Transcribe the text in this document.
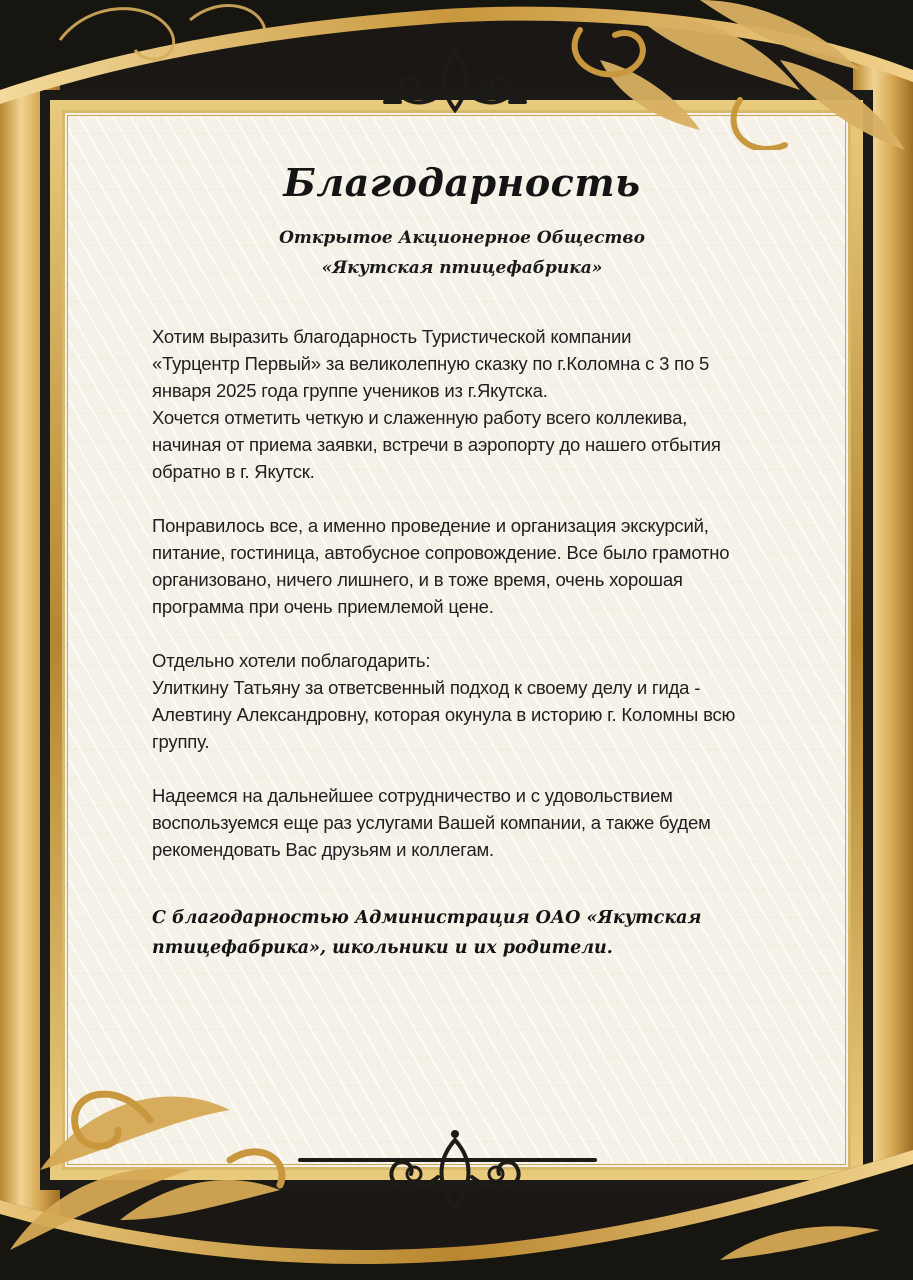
Благодарность
Открытое Акционерное Общество
«Якутская птицефабрика»

Хотим выразить благодарность Туристической компании
«Турцентр Первый» за великолепную сказку по г.Коломна с 3 по 5
января 2025 года группе учеников из г.Якутска.
Хочется отметить четкую и слаженную работу всего коллекива,
начиная от приема заявки, встречи в аэропорту до нашего отбытия
обратно в г. Якутск.

Понравилось все, а именно проведение и организация экскурсий,
питание, гостиница, автобусное сопровождение. Все было грамотно
организовано, ничего лишнего, и в тоже время, очень хорошая
программа при очень приемлемой цене.

Отдельно хотели поблагодарить:
Улиткину Татьяну за ответсвенный подход к своему делу и гида -
Алевтину Александровну, которая окунула в историю г. Коломны всю
группу.

Надеемся на дальнейшее сотрудничество и с удовольствием
воспользуемся еще раз услугами Вашей компании, а также будем
рекомендовать Вас друзьям и коллегам.

С благодарностью Администрация ОАО «Якутская
птицефабрика», школьники и их родители.
